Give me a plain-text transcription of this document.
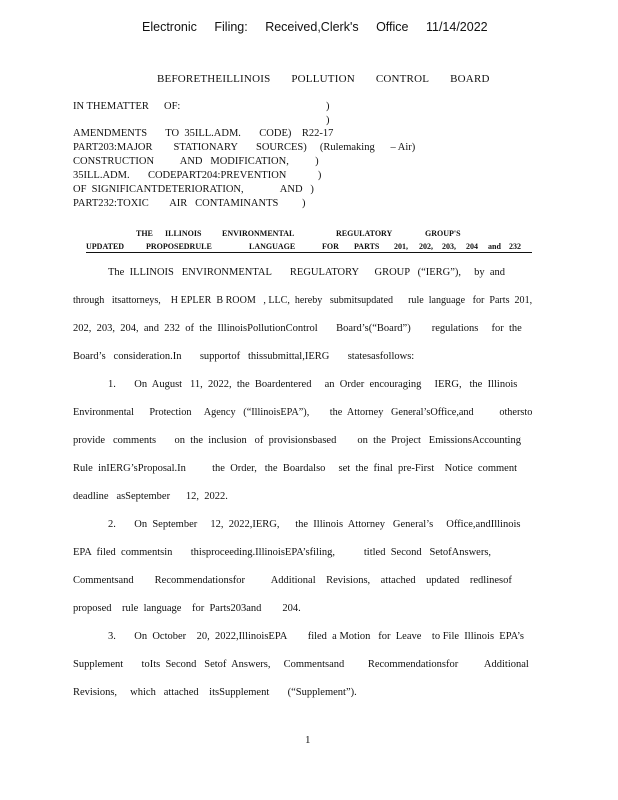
Electronic Filing: Received,Clerk's Office 11/14/2022
BEFORETHEILLINOIS POLLUTION CONTROL BOARD
IN THEMATTER OF:	)
)
AMENDMENTS       TO  35ILL.ADM.       CODE)    R22-17
PART203:MAJOR        STATIONARY       SOURCES)     (Rulemaking      – Air)
CONSTRUCTION          AND   MODIFICATION,          )
35ILL.ADM.       CODEPART204:PREVENTION            )
OF  SIGNIFICANTDETERIORATION,              AND   )
PART232:TOXIC        AIR   CONTAMINANTS         )
THE ILLINOIS	ENVIRONMENTAL	REGULATORY	GROUP'S
UPDATED	PROPOSEDRULE	LANGUAGE	FOR PARTS 201, 202, 203, 204 and 232
The  ILLINOIS   ENVIRONMENTAL       REGULATORY      GROUP   (“IERG”),     by  and
through   itsattorneys,    H EPLER  B ROOM   , LLC,  hereby   submitsupdated      rule  language   for  Parts  201,
202,  203,  204,  and  232  of  the  IllinoisPollutionControl       Board’s(“Board”)        regulations     for  the
Board’s   consideration.In       supportof   thissubmittal,IERG       statesasfollows:
1.       On  August   11,  2022,  the  Boardentered     an  Order  encouraging     IERG,   the  Illinois
Environmental      Protection     Agency   (“IllinoisEPA”),        the  Attorney   General’sOffice,and          othersto
provide   comments       on  the  inclusion   of  provisionsbased        on  the  Project   EmissionsAccounting
Rule  inIERG’sProposal.In          the  Order,   the  Boardalso     set  the  final  pre-First    Notice  comment
deadline   asSeptember      12,  2022.
2.       On  September     12,  2022,IERG,      the  Illinois  Attorney   General’s     Office,andIllinois
EPA  filed  commentsin       thisproceeding.IllinoisEPA’sfiling,           titled  Second   SetofAnswers,
Commentsand        Recommendationsfor          Additional    Revisions,    attached    updated    redlinesof
proposed    rule  language    for  Parts203and        204.
3.       On  October    20,  2022,IllinoisEPA        filed  a Motion   for  Leave    to File  Illinois  EPA’s
Supplement       toIts  Second   Setof  Answers,     Commentsand         Recommendationsfor          Additional
Revisions,     which   attached    itsSupplement       (“Supplement”).
1
